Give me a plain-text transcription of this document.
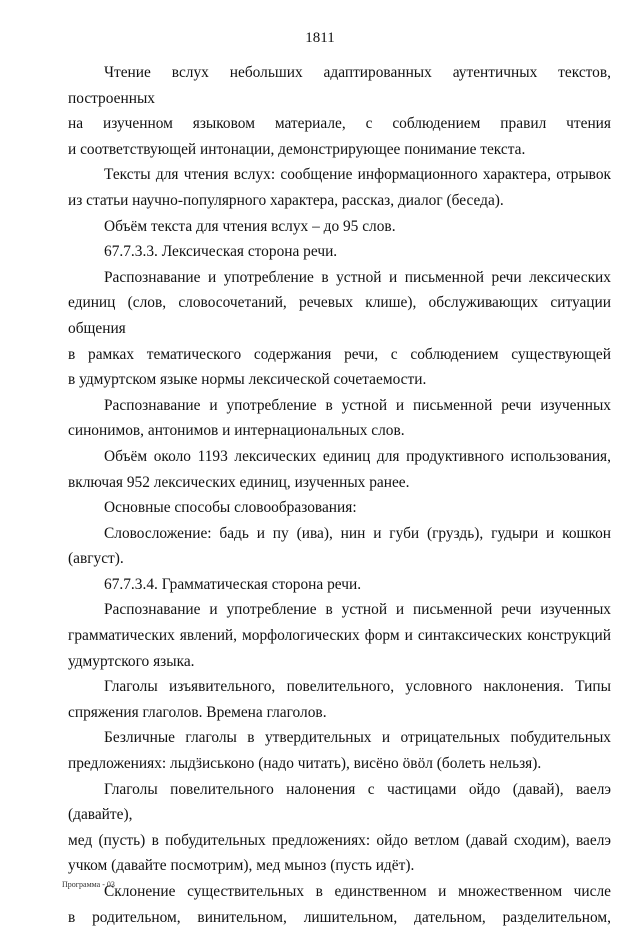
1811

Чтение вслух небольших адаптированных аутентичных текстов, построенных
на изученном языковом материале, с соблюдением правил чтения
и соответствующей интонации, демонстрирующее понимание текста.

Тексты для чтения вслух: сообщение информационного характера, отрывок
из статьи научно-популярного характера, рассказ, диалог (беседа).

Объём текста для чтения вслух – до 95 слов.

67.7.3.3. Лексическая сторона речи.

Распознавание и употребление в устной и письменной речи лексических
единиц (слов, словосочетаний, речевых клише), обслуживающих ситуации общения
в рамках тематического содержания речи, с соблюдением существующей
в удмуртском языке нормы лексической сочетаемости.

Распознавание и употребление в устной и письменной речи изученных
синонимов, антонимов и интернациональных слов.

Объём около 1193 лексических единиц для продуктивного использования,
включая 952 лексических единиц, изученных ранее.

Основные способы словообразования:

Словосложение: бадь и пу (ива), нин и губи (груздь), гудыри и кошкон
(август).

67.7.3.4. Грамматическая сторона речи.

Распознавание и употребление в устной и письменной речи изученных
грамматических явлений, морфологических форм и синтаксических конструкций
удмуртского языка.

Глаголы изъявительного, повелительного, условного наклонения. Типы
спряжения глаголов. Времена глаголов.

Безличные глаголы в утвердительных и отрицательных побудительных
предложениях: лыдӟиськоно (надо читать), висёно ӧвӧл (болеть нельзя).

Глаголы повелительного налонения с частицами ойдо (давай), ваелэ (давайте),
мед (пусть) в побудительных предложениях: ойдо ветлом (давай сходим), ваелэ
учком (давайте посмотрим), мед мынoз (пусть идёт).

Склонение существительных в единственном и множественном числе
в родительном, винительном, лишительном, дательном, разделительном,

Программа - 03
